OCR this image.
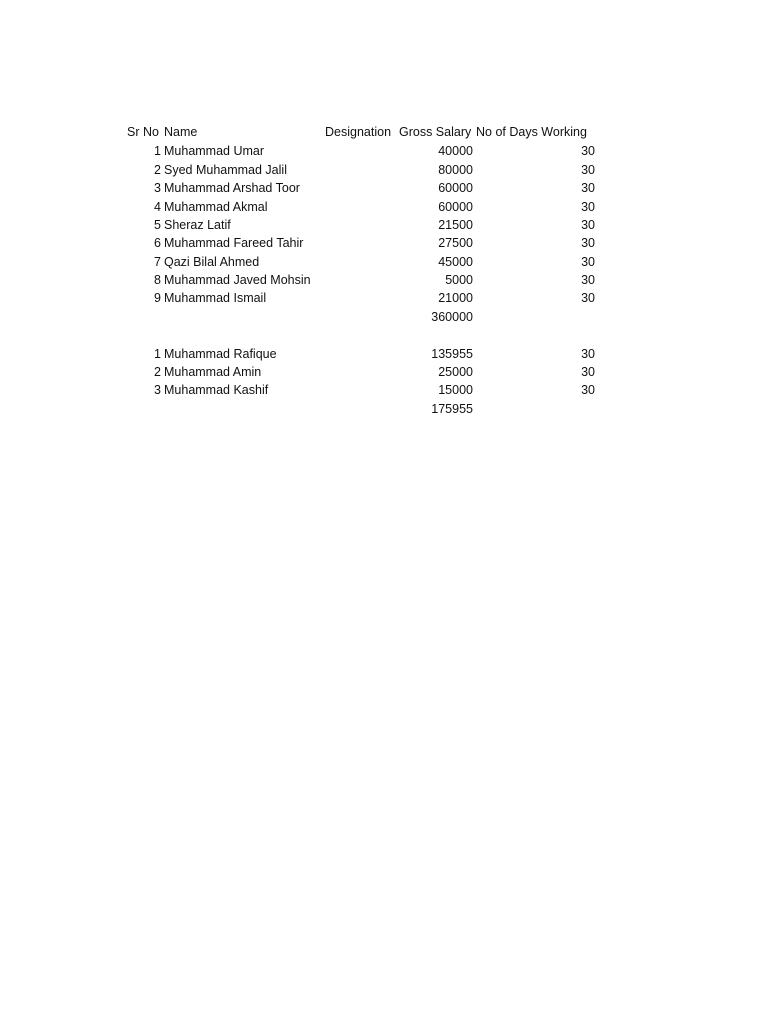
Sr No Name	Designation Gross Salary No of Days Working
1 Muhammad Umar	40000	30
2 Syed Muhammad Jalil	80000	30
3 Muhammad Arshad Toor	60000	30
4 Muhammad Akmal	60000	30
5 Sheraz Latif	21500	30
6 Muhammad Fareed Tahir	27500	30
7 Qazi Bilal Ahmed	45000	30
8 Muhammad Javed Mohsin	5000	30
9 Muhammad Ismail	21000	30
360000
1 Muhammad Rafique	135955	30
2 Muhammad Amin	25000	30
3 Muhammad Kashif	15000	30
175955
